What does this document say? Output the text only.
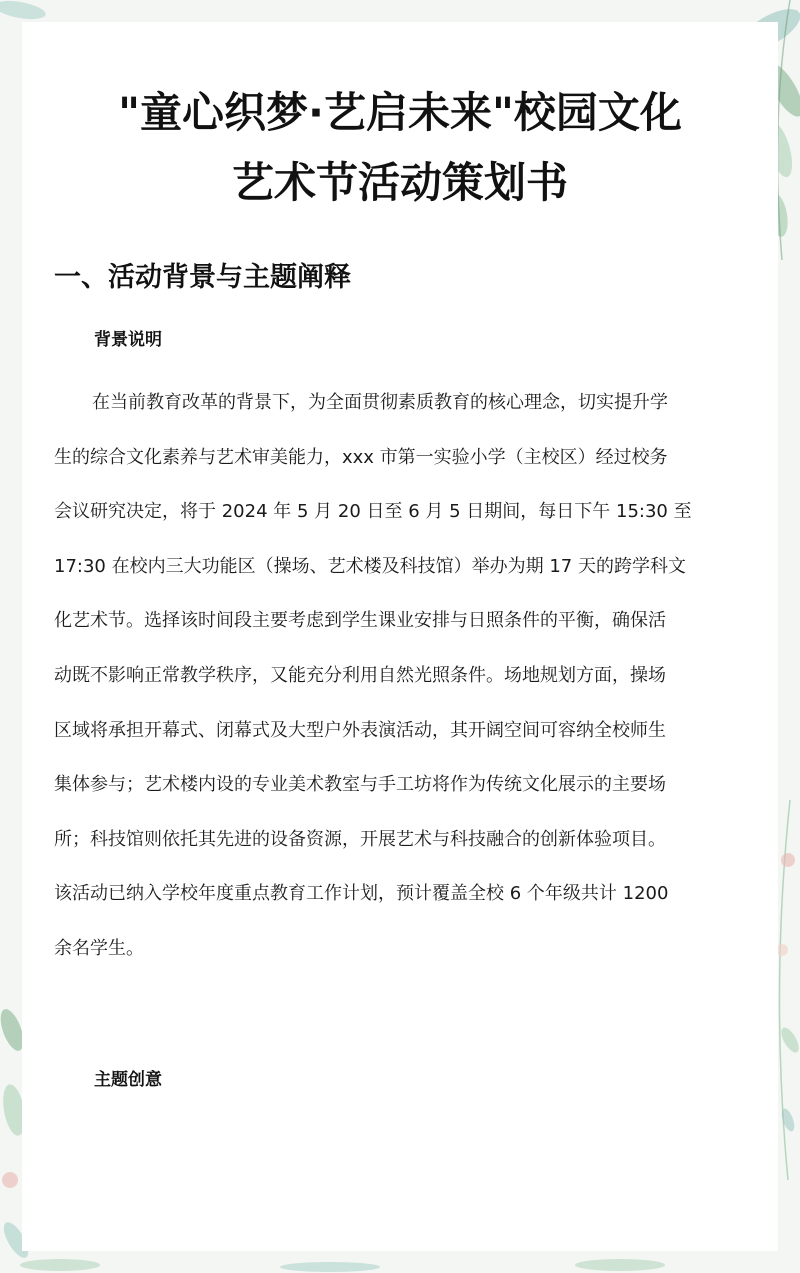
"童心织梦·艺启未来"校园文化
艺术节活动策划书
一、活动背景与主题阐释
背景说明
在当前教育改革的背景下，为全面贯彻素质教育的核心理念，切实提升学
生的综合文化素养与艺术审美能力，xxx 市第一实验小学（主校区）经过校务
会议研究决定，将于 2024 年 5 月 20 日至 6 月 5 日期间，每日下午 15:30 至
17:30 在校内三大功能区（操场、艺术楼及科技馆）举办为期 17 天的跨学科文
化艺术节。选择该时间段主要考虑到学生课业安排与日照条件的平衡，确保活
动既不影响正常教学秩序，又能充分利用自然光照条件。场地规划方面，操场
区域将承担开幕式、闭幕式及大型户外表演活动，其开阔空间可容纳全校师生
集体参与；艺术楼内设的专业美术教室与手工坊将作为传统文化展示的主要场
所；科技馆则依托其先进的设备资源，开展艺术与科技融合的创新体验项目。
该活动已纳入学校年度重点教育工作计划，预计覆盖全校 6 个年级共计 1200
余名学生。
主题创意
